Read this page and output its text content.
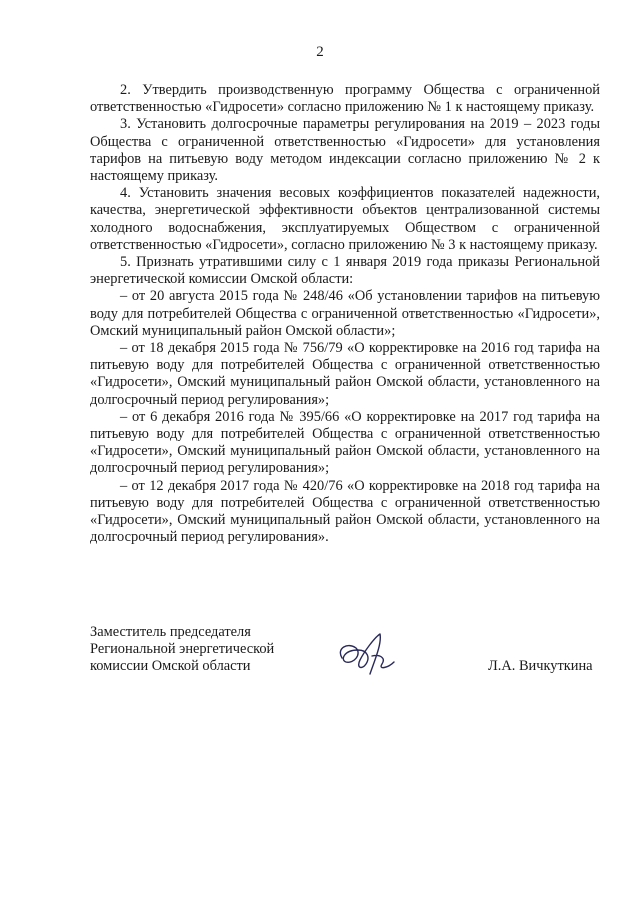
2

2. Утвердить производственную программу Общества с ограниченной ответственностью «Гидросети» согласно приложению № 1 к настоящему приказу.

3. Установить долгосрочные параметры регулирования на 2019 – 2023 годы Общества с ограниченной ответственностью «Гидросети» для установления тарифов на питьевую воду методом индексации согласно приложению № 2 к настоящему приказу.

4. Установить значения весовых коэффициентов показателей надежности, качества, энергетической эффективности объектов централизованной системы холодного водоснабжения, эксплуатируемых Обществом с ограниченной ответственностью «Гидросети», согласно приложению № 3 к настоящему приказу.

5. Признать утратившими силу с 1 января 2019 года приказы Региональной энергетической комиссии Омской области:

– от 20 августа 2015 года № 248/46 «Об установлении тарифов на питьевую воду для потребителей Общества с ограниченной ответственностью «Гидросети», Омский муниципальный район Омской области»;

– от 18 декабря 2015 года № 756/79 «О корректировке на 2016 год тарифа на питьевую воду для потребителей Общества с ограниченной ответственностью «Гидросети», Омский муниципальный район Омской области, установленного на долгосрочный период регулирования»;

– от 6 декабря 2016 года № 395/66 «О корректировке на 2017 год тарифа на питьевую воду для потребителей Общества с ограниченной ответственностью «Гидросети», Омский муниципальный район Омской области, установленного на долгосрочный период регулирования»;

– от 12 декабря 2017 года № 420/76 «О корректировке на 2018 год тарифа на питьевую воду для потребителей Общества с ограниченной ответственностью «Гидросети», Омский муниципальный район Омской области, установленного на долгосрочный период регулирования».

Заместитель председателя
Региональной энергетической
комиссии Омской области	Л.А. Вичкуткина
